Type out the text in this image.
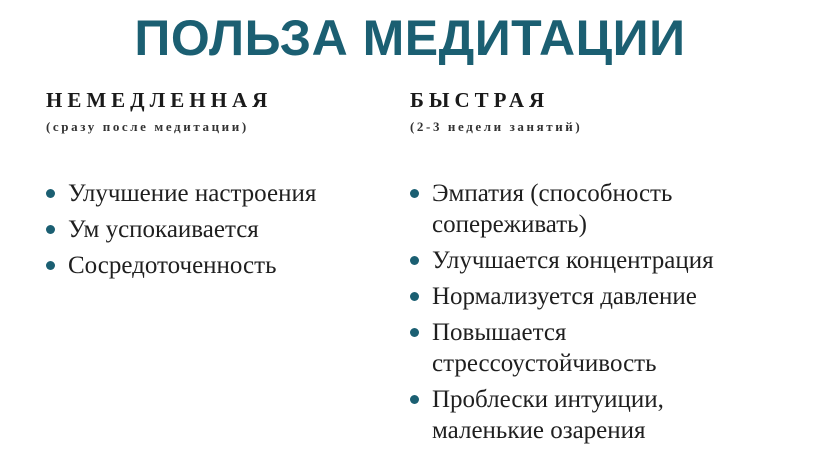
ПОЛЬЗА МЕДИТАЦИИ
НЕМЕДЛЕННАЯ
(сразу после медитации)
Улучшение настроения
Ум успокаивается
Сосредоточенность
БЫСТРАЯ
(2-3 недели занятий)
Эмпатия (способность сопереживать)
Улучшается концентрация
Нормализуется давление
Повышается стрессоустойчивость
Проблески интуиции, маленькие озарения
